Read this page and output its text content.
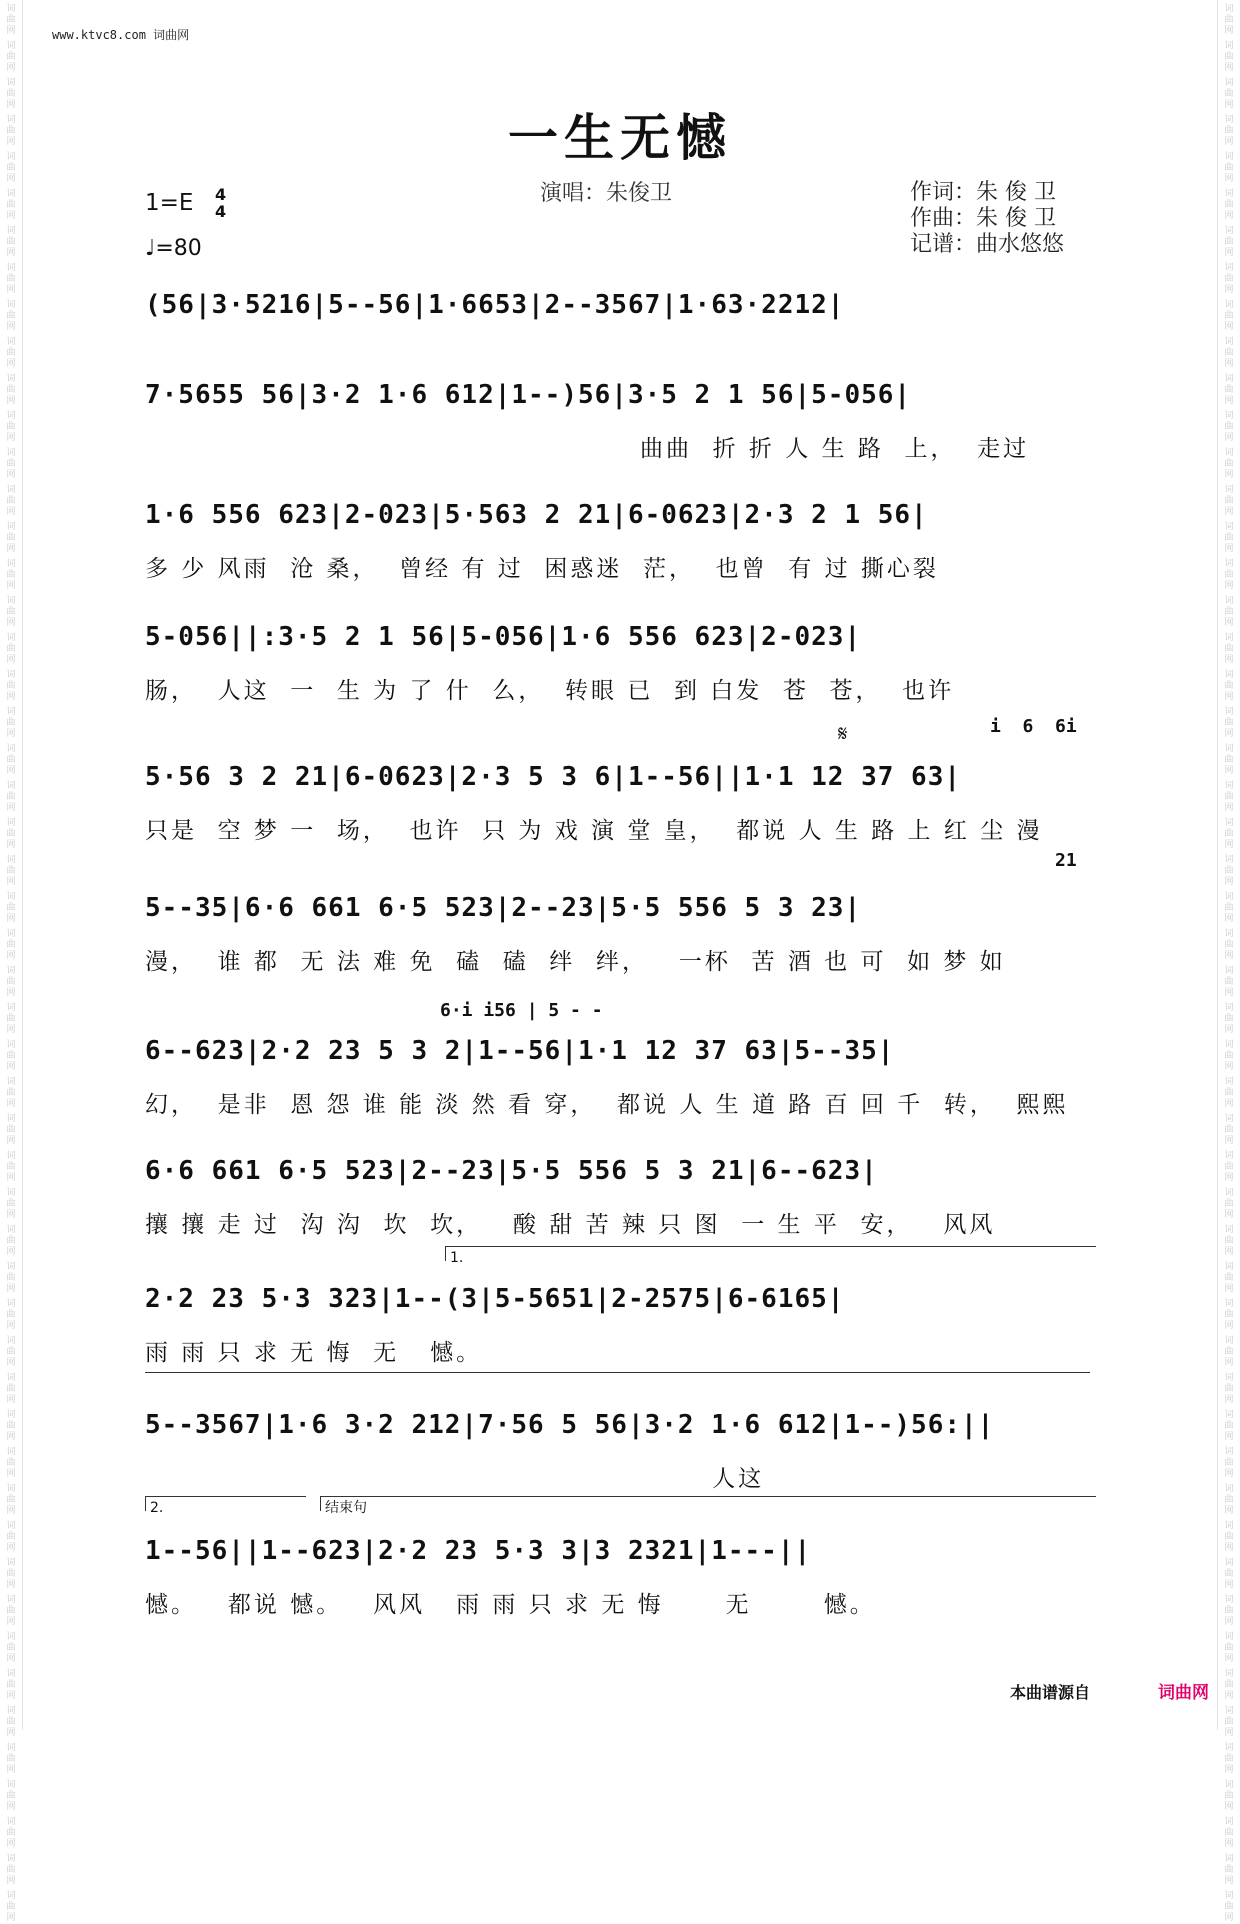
词
曲
网
词
曲
网
词
曲
网
词
曲
网
词
曲
网
词
曲
网
词
曲
网
词
曲
网
词
曲
网
词
曲
网
词
曲
网
词
曲
网
词
曲
网
词
曲
网
词
曲
网
词
曲
网
词
曲
网
词
曲
网
词
曲
网
词
曲
网
词
曲
网
词
曲
网
词
曲
网
词
曲
网
词
曲
网
词
曲
网
词
曲
网
词
曲
网
词
曲
网
词
曲
网
词
曲
网
词
曲
网
词
曲
网
词
曲
网
词
曲
网
词
曲
网
词
曲
网
词
曲
网
词
曲
网
词
曲
网
词
曲
网
词
曲
网
词
曲
网
词
曲
网
词
曲
网
词
曲
网
词
曲
网
词
曲
网
词
曲
网
词
曲
网
词
曲
网
词
曲
网
词
曲
网
词
曲
网
词
曲
网
词
曲
网
词
曲
网
词
曲
网
词
曲
网
词
曲
网
词
曲
网
词
曲
网
词
曲
网
词
曲
网
词
曲
网
词
曲
网
词
曲
网
词
曲
网
词
曲
网
词
曲
网
词
曲
网
词
曲
网
词
曲
网
词
曲
网
词
曲
网
词
曲
网
词
曲
网
词
曲
网
词
曲
网
词
曲
网
词
曲
网
词
曲
网
词
曲
网
词
曲
网
词
曲
网
词
曲
网
词
曲
网
词
曲
网
词
曲
网
词
曲
网
词
曲
网
词
曲
网
词
曲
网
词
曲
网
词
曲
网
词
曲
网
词
曲
网
词
曲
网
词
曲
网
词
曲
网
词
曲
网
词
曲
网
词
曲
网
词
曲
网
www.ktvc8.com 词曲网
一生无憾
演唱：朱俊卫
1=E 4
4
♩=80
作词：朱 俊 卫
作曲：朱 俊 卫
记谱：曲水悠悠
𝄋	i  6  6i
21
6·i i56 | 5 - -
(56|3·5216|5--56|1·6653|2--3567|1·63·2212|
7·5655 56|3·2 1·6 612|1--)56|3·5 2 1 56|5-056|
曲曲  折 折 人 生 路  上，  走过
1·6 556 623|2-023|5·563 2 21|6-0623|2·3 2 1 56|
多 少 风雨  沧 桑，  曾经 有 过  困惑迷  茫，  也曾  有 过 撕心裂
5-056||:3·5 2 1 56|5-056|1·6 556 623|2-023|
肠，  人这  一  生 为 了 什  么，  转眼 已  到 白发  苍  苍，  也许
5·56 3 2 21|6-0623|2·3 5 3 6|1--56||1·1 12 37 63|
只是  空 梦 一  场，  也许  只 为 戏 演 堂 皇，  都说 人 生 路 上 红 尘 漫
5--35|6·6 661 6·5 523|2--23|5·5 556 5 3 23|
漫，  谁 都  无 法 难 免  磕  磕  绊  绊，   一杯  苦 酒 也 可  如 梦 如
6--623|2·2 23 5 3 2|1--56|1·1 12 37 63|5--35|
幻，  是非  恩 怨 谁 能 淡 然 看 穿，  都说 人 生 道 路 百 回 千  转，  熙熙
6·6 661 6·5 523|2--23|5·5 556 5 3 21|6--623|
攘 攘 走 过  沟 沟  坎  坎，   酸 甜 苦 辣 只 图  一 生 平  安，   风风
1.
2·2 23 5·3 323|1--(3|5-5651|2-2575|6-6165|
雨 雨 只 求 无 悔  无   憾。
5--3567|1·6 3·2 212|7·56 5 56|3·2 1·6 612|1--)56:||
人这
2.	结束句
1--56||1--623|2·2 23 5·3 3|3 2321|1---||
憾。   都说 憾。   风风   雨 雨 只 求 无 悔      无       憾。
本曲谱源自	词曲网
